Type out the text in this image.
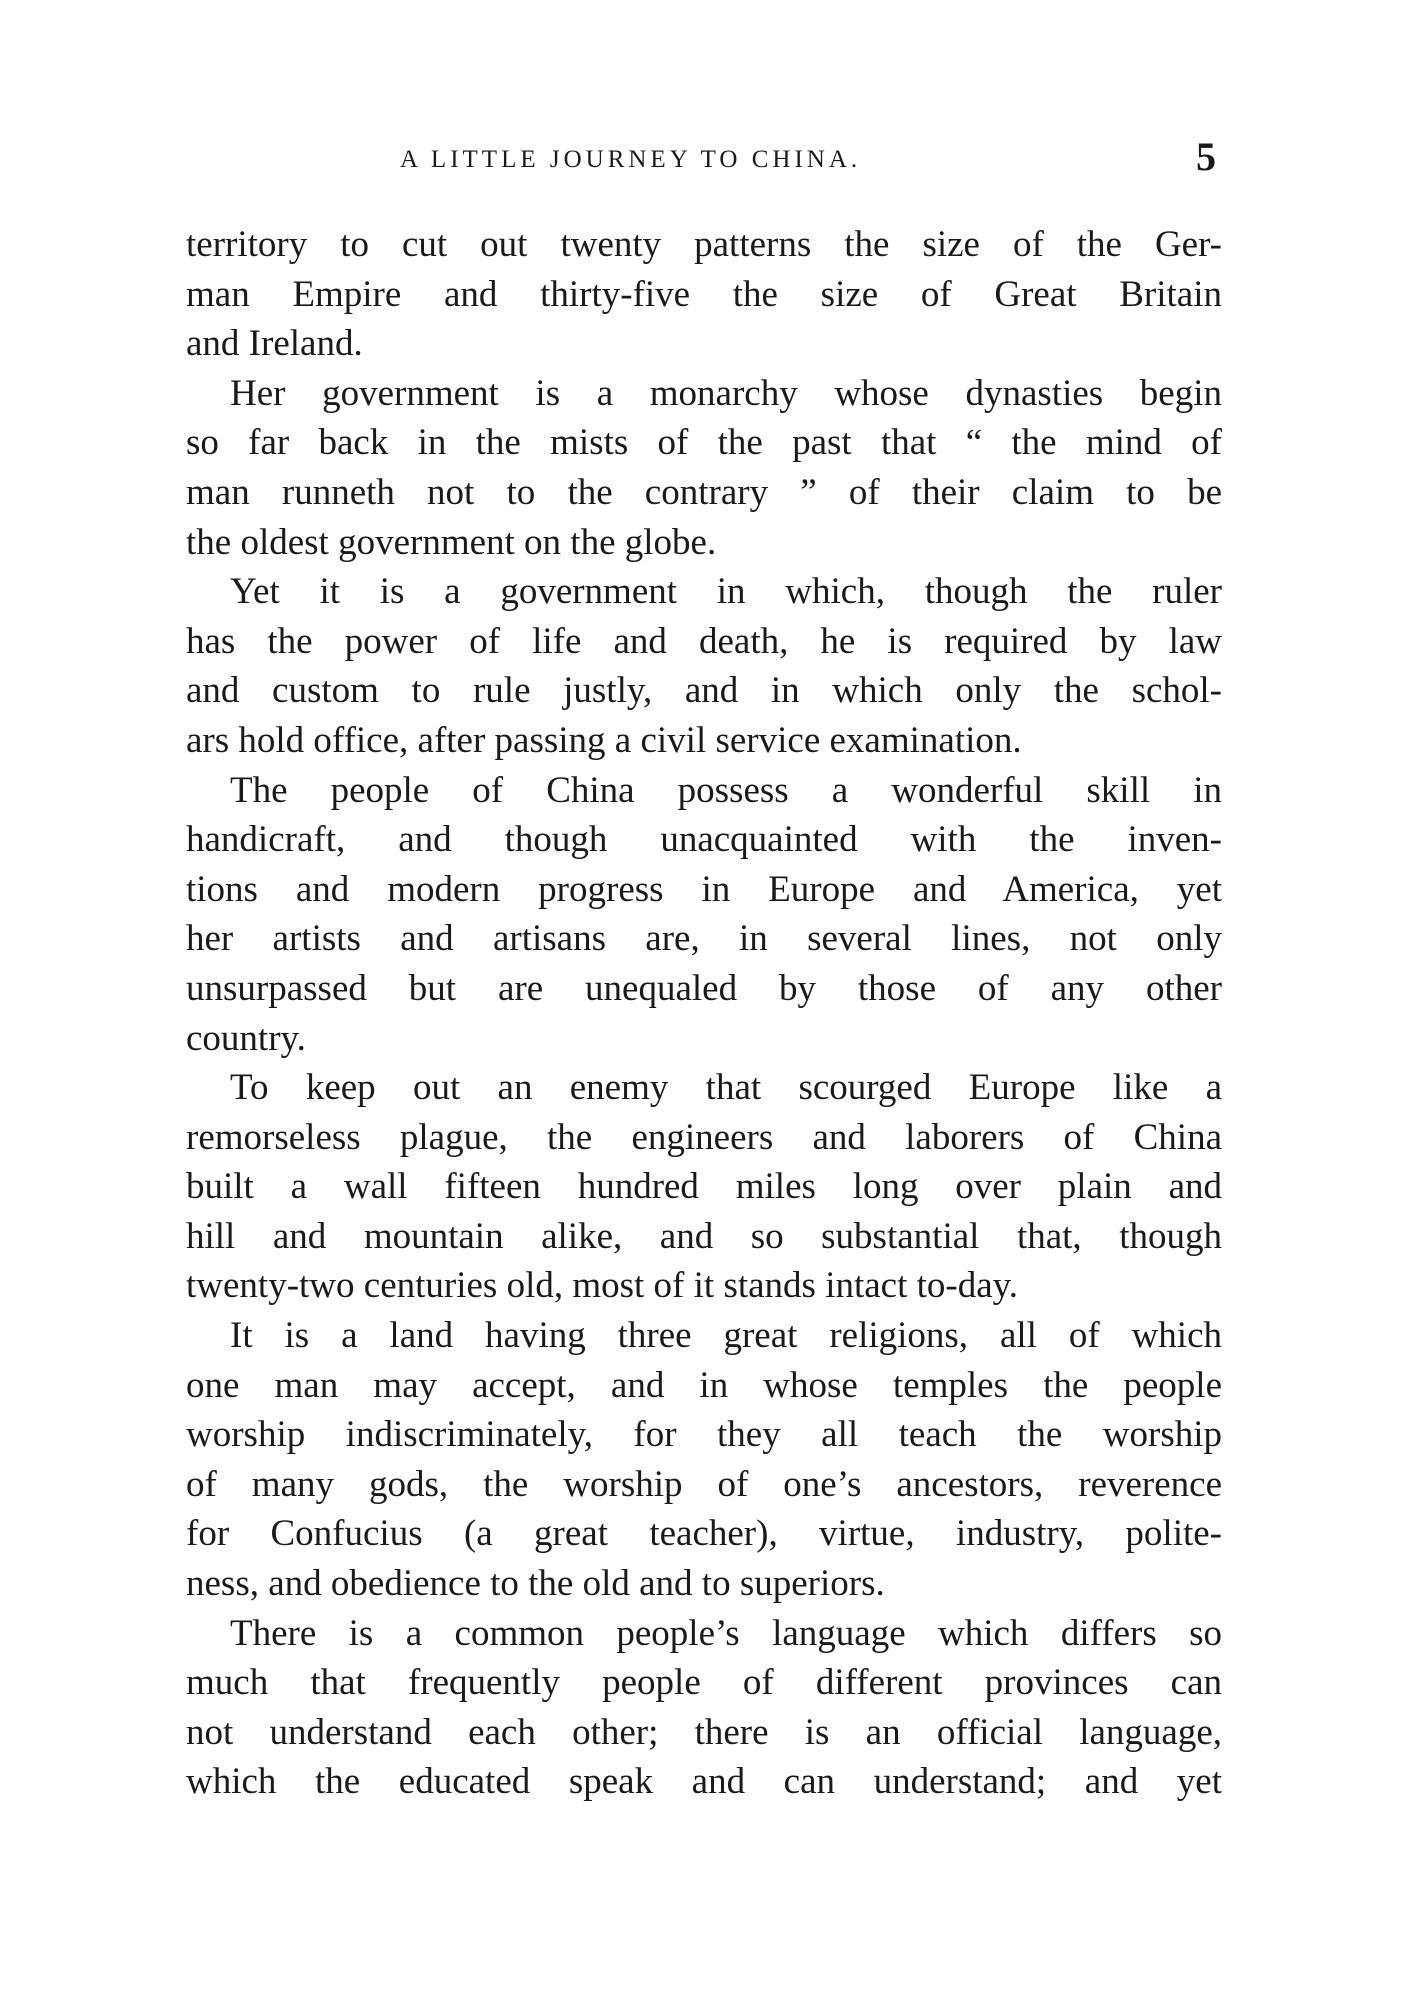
A LITTLE JOURNEY TO CHINA.	5
territory to cut out twenty patterns the size of the Ger-
man Empire and thirty-five the size of Great Britain
and Ireland.
Her government is a monarchy whose dynasties begin
so far back in the mists of the past that “ the mind of
man runneth not to the contrary ” of their claim to be
the oldest government on the globe.
Yet it is a government in which, though the ruler
has the power of life and death, he is required by law
and custom to rule justly, and in which only the schol-
ars hold office, after passing a civil service examination.
The people of China possess a wonderful skill in
handicraft, and though unacquainted with the inven-
tions and modern progress in Europe and America, yet
her artists and artisans are, in several lines, not only
unsurpassed but are unequaled by those of any other
country.
To keep out an enemy that scourged Europe like a
remorseless plague, the engineers and laborers of China
built a wall fifteen hundred miles long over plain and
hill and mountain alike, and so substantial that, though
twenty-two centuries old, most of it stands intact to-day.
It is a land having three great religions, all of which
one man may accept, and in whose temples the people
worship indiscriminately, for they all teach the worship
of many gods, the worship of one’s ancestors, reverence
for Confucius (a great teacher), virtue, industry, polite-
ness, and obedience to the old and to superiors.
There is a common people’s language which differs so
much that frequently people of different provinces can
not understand each other; there is an official language,
which the educated speak and can understand; and yet
